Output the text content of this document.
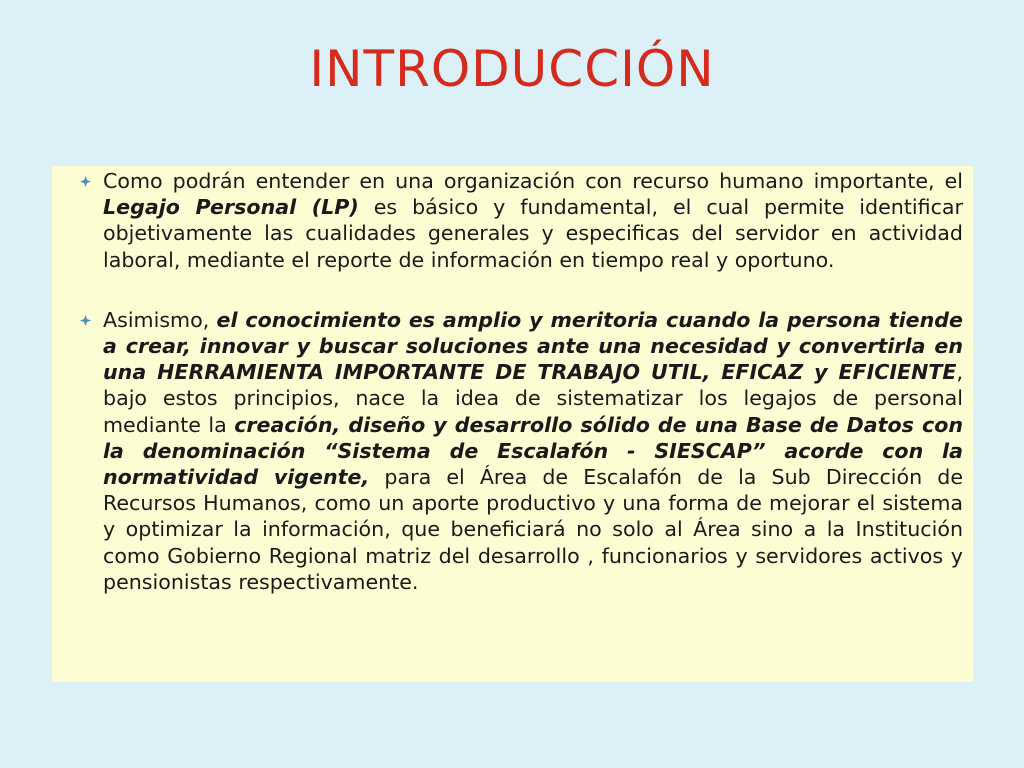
INTRODUCCIÓN

Como podrán entender en una organización con recurso humano importante, el Legajo Personal (LP) es básico y fundamental, el cual permite identificar objetivamente las cualidades generales y especificas del servidor en actividad laboral, mediante el reporte de información en tiempo real y oportuno.

Asimismo, el conocimiento es amplio y meritoria cuando la persona tiende a crear, innovar y buscar soluciones ante una necesidad y convertirla en una HERRAMIENTA IMPORTANTE DE TRABAJO UTIL, EFICAZ y EFICIENTE, bajo estos principios, nace la idea de sistematizar los legajos de personal mediante la creación, diseño y desarrollo sólido de una Base de Datos con la denominación “Sistema de Escalafón - SIESCAP” acorde con la normatividad vigente, para el Área de Escalafón de la Sub Dirección de Recursos Humanos, como un aporte productivo y una forma de mejorar el sistema y optimizar la información, que beneficiará no solo al Área sino a la Institución como Gobierno Regional matriz del desarrollo , funcionarios y servidores activos y pensionistas respectivamente.
